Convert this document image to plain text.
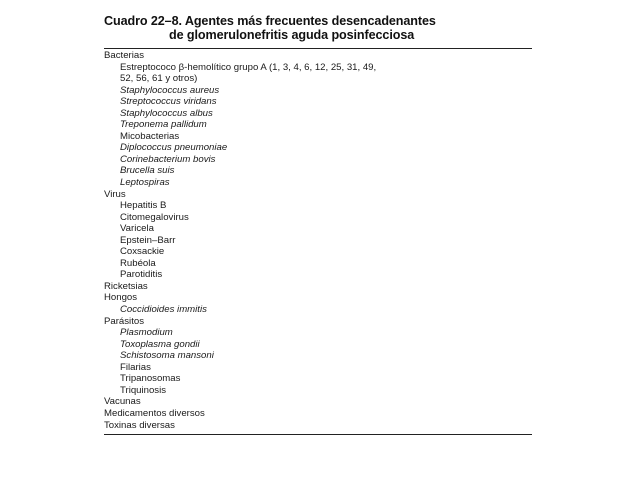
Cuadro 22–8. Agentes más frecuentes desencadenantes
de glomerulonefritis aguda posinfecciosa
Bacterias
Estreptococo β-hemolítico grupo A (1, 3, 4, 6, 12, 25, 31, 49,
52, 56, 61 y otros)
Staphylococcus aureus
Streptococcus viridans
Staphylococcus albus
Treponema pallidum
Micobacterias
Diplococcus pneumoniae
Corinebacterium bovis
Brucella suis
Leptospiras
Virus
Hepatitis B
Citomegalovirus
Varicela
Epstein–Barr
Coxsackie
Rubéola
Parotiditis
Ricketsias
Hongos
Coccidioides immitis
Parásitos
Plasmodium
Toxoplasma gondii
Schistosoma mansoni
Filarias
Tripanosomas
Triquinosis
Vacunas
Medicamentos diversos
Toxinas diversas
